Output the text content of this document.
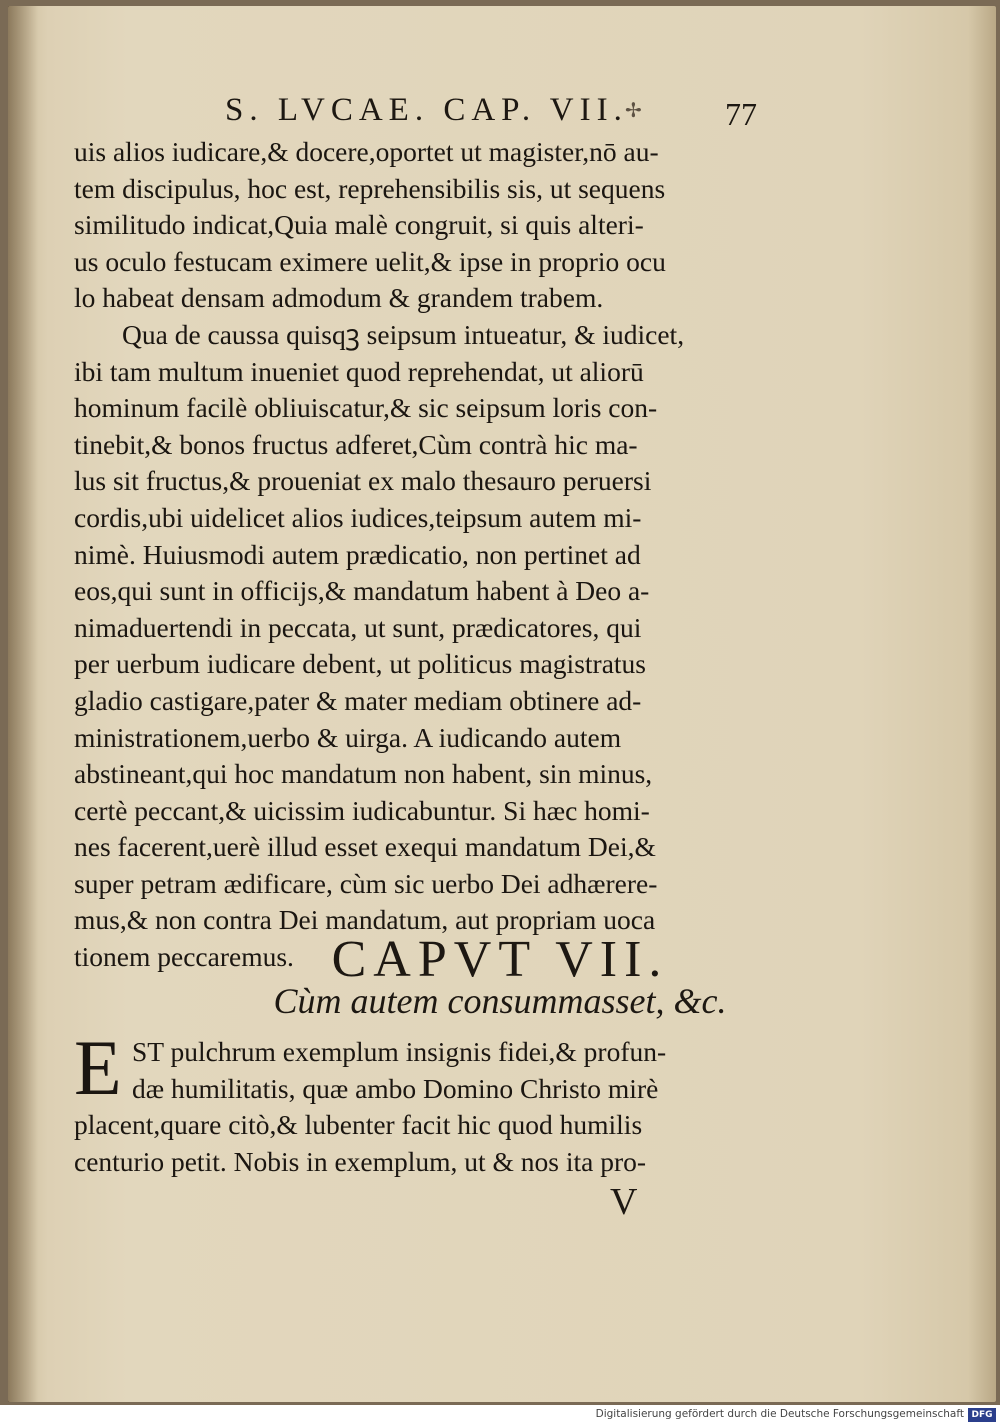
S. LVCAE. CAP. VII.
✢	77
uis alios iudicare,& docere,oportet ut magister,nō au-
tem discipulus, hoc est, reprehensibilis sis, ut sequens
similitudo indicat,Quia malè congruit, si quis alteri-
us oculo festucam eximere uelit,& ipse in proprio ocu
lo habeat densam admodum & grandem trabem.
Qua de caussa quisqꝫ seipsum intueatur, & iudicet,
ibi tam multum inueniet quod reprehendat, ut aliorū
hominum facilè obliuiscatur,& sic seipsum loris con-
tinebit,& bonos fructus adferet,Cùm contrà hic ma-
lus sit fructus,& proueniat ex malo thesauro peruersi
cordis,ubi uidelicet alios iudices,teipsum autem mi-
nimè. Huiusmodi autem prædicatio, non pertinet ad
eos,qui sunt in officijs,& mandatum habent à Deo a-
nimaduertendi in peccata, ut sunt, prædicatores, qui
per uerbum iudicare debent, ut politicus magistratus
gladio castigare,pater & mater mediam obtinere ad-
ministrationem,uerbo & uirga. A iudicando autem
abstineant,qui hoc mandatum non habent, sin minus,
certè peccant,& uicissim iudicabuntur. Si hæc homi-
nes facerent,uerè illud esset exequi mandatum Dei,&
super petram ædificare, cùm sic uerbo Dei adhærere-
mus,& non contra Dei mandatum, aut propriam uoca
tionem peccaremus. CAPVT VII.
Cùm autem consummasset, &c.
E ST pulchrum exemplum insignis fidei,& profun-
dæ humilitatis, quæ ambo Domino Christo mirè
placent,quare citò,& lubenter facit hic quod humilis
centurio petit. Nobis in exemplum, ut & nos ita pro-
V
Digitalisierung gefördert durch die Deutsche Forschungsgemeinschaft DFG
